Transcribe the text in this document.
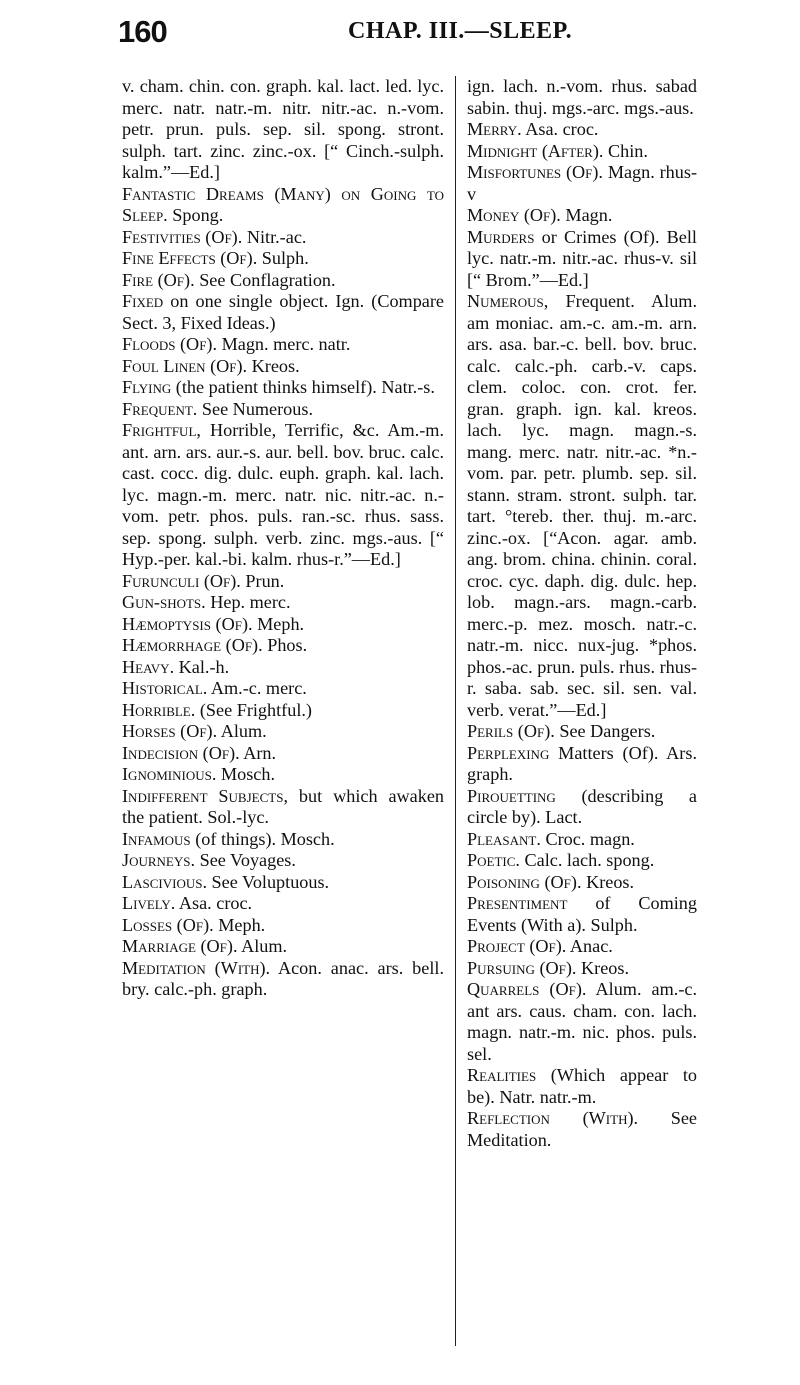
160	CHAP. III.—SLEEP.

v. cham. chin. con. graph. kal. lact. led. lyc. merc. natr. natr.-m. nitr. nitr.-ac. n.-vom. petr. prun. puls. sep. sil. spong. stront. sulph. tart. zinc. zinc.-ox. [“ Cinch.-sulph. kalm.”—Ed.]

Fantastic Dreams (Many) on Going to Sleep. Spong.

Festivities (Of). Nitr.-ac.

Fine Effects (Of). Sulph.

Fire (Of). See Conflagration.

Fixed on one single object. Ign. (Compare Sect. 3, Fixed Ideas.)

Floods (Of). Magn. merc. natr.

Foul Linen (Of). Kreos.

Flying (the patient thinks himself). Natr.-s.

Frequent. See Numerous.

Frightful, Horrible, Terrific, &c. Am.-m. ant. arn. ars. aur.-s. aur. bell. bov. bruc. calc. cast. cocc. dig. dulc. euph. graph. kal. lach. lyc. magn.-m. merc. natr. nic. nitr.-ac. n.-vom. petr. phos. puls. ran.-sc. rhus. sass. sep. spong. sulph. verb. zinc. mgs.-aus. [“ Hyp.-per. kal.-bi. kalm. rhus-r.”—Ed.]

Furunculi (Of). Prun.

Gun-shots. Hep. merc.

Hæmoptysis (Of). Meph.

Hæmorrhage (Of). Phos.

Heavy. Kal.-h.

Historical. Am.-c. merc.

Horrible. (See Frightful.)

Horses (Of). Alum.

Indecision (Of). Arn.

Ignominious. Mosch.

Indifferent Subjects, but which awaken the patient. Sol.-lyc.

Infamous (of things). Mosch.

Journeys. See Voyages.

Lascivious. See Voluptuous.

Lively. Asa. croc.

Losses (Of). Meph.

Marriage (Of). Alum.

Meditation (With). Acon. anac. ars. bell. bry. calc.-ph. graph.

ign. lach. n.-vom. rhus. sabad sabin. thuj. mgs.-arc. mgs.-aus.

Merry. Asa. croc.

Midnight (After). Chin.

Misfortunes (Of). Magn. rhus-v

Money (Of). Magn.

Murders or Crimes (Of). Bell lyc. natr.-m. nitr.-ac. rhus-v. sil [“ Brom.”—Ed.]

Numerous, Frequent. Alum. am moniac. am.-c. am.-m. arn. ars. asa. bar.-c. bell. bov. bruc. calc. calc.-ph. carb.-v. caps. clem. coloc. con. crot. fer. gran. graph. ign. kal. kreos. lach. lyc. magn. magn.-s. mang. merc. natr. nitr.-ac. *n.-vom. par. petr. plumb. sep. sil. stann. stram. stront. sulph. tar. tart. °tereb. ther. thuj. m.-arc. zinc.-ox. [“Acon. agar. amb. ang. brom. china. chinin. coral. croc. cyc. daph. dig. dulc. hep. lob. magn.-ars. magn.-carb. merc.-p. mez. mosch. natr.-c. natr.-m. nicc. nux-jug. *phos. phos.-ac. prun. puls. rhus. rhus-r. saba. sab. sec. sil. sen. val. verb. verat.”—Ed.]

Perils (Of). See Dangers.

Perplexing Matters (Of). Ars. graph.

Pirouetting (describing a circle by). Lact.

Pleasant. Croc. magn.

Poetic. Calc. lach. spong.

Poisoning (Of). Kreos.

Presentiment of Coming Events (With a). Sulph.

Project (Of). Anac.

Pursuing (Of). Kreos.

Quarrels (Of). Alum. am.-c. ant ars. caus. cham. con. lach. magn. natr.-m. nic. phos. puls. sel.

Realities (Which appear to be). Natr. natr.-m.

Reflection (With). See Meditation.
